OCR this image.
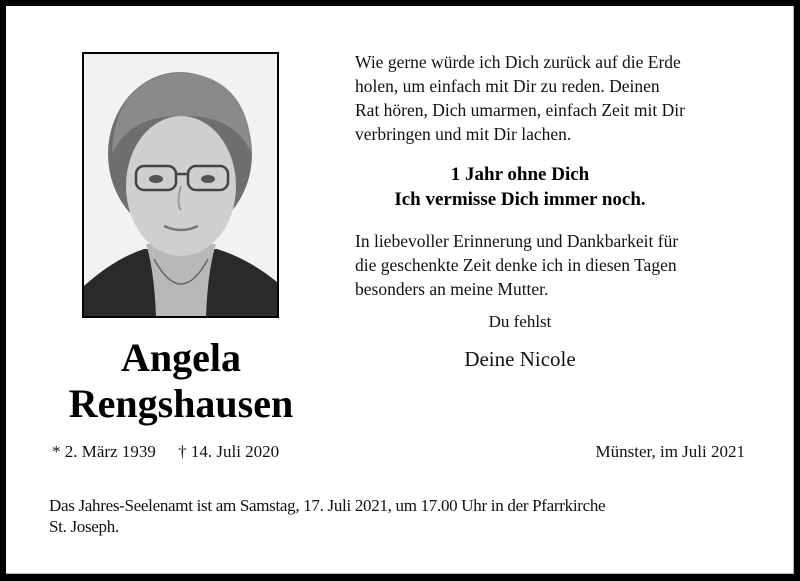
Angela
Rengshausen
* 2. März 1939 † 14. Juli 2020
Wie gerne würde ich Dich zurück auf die Erde
holen, um einfach mit Dir zu reden. Deinen
Rat hören, Dich umarmen, einfach Zeit mit Dir
verbringen und mit Dir lachen.
1 Jahr ohne Dich
Ich vermisse Dich immer noch.
In liebevoller Erinnerung und Dankbarkeit für
die geschenkte Zeit denke ich in diesen Tagen
besonders an meine Mutter.
Du fehlst
Deine Nicole
Münster, im Juli 2021
Das Jahres-Seelenamt ist am Samstag, 17. Juli 2021, um 17.00 Uhr in der Pfarrkirche
St. Joseph.
